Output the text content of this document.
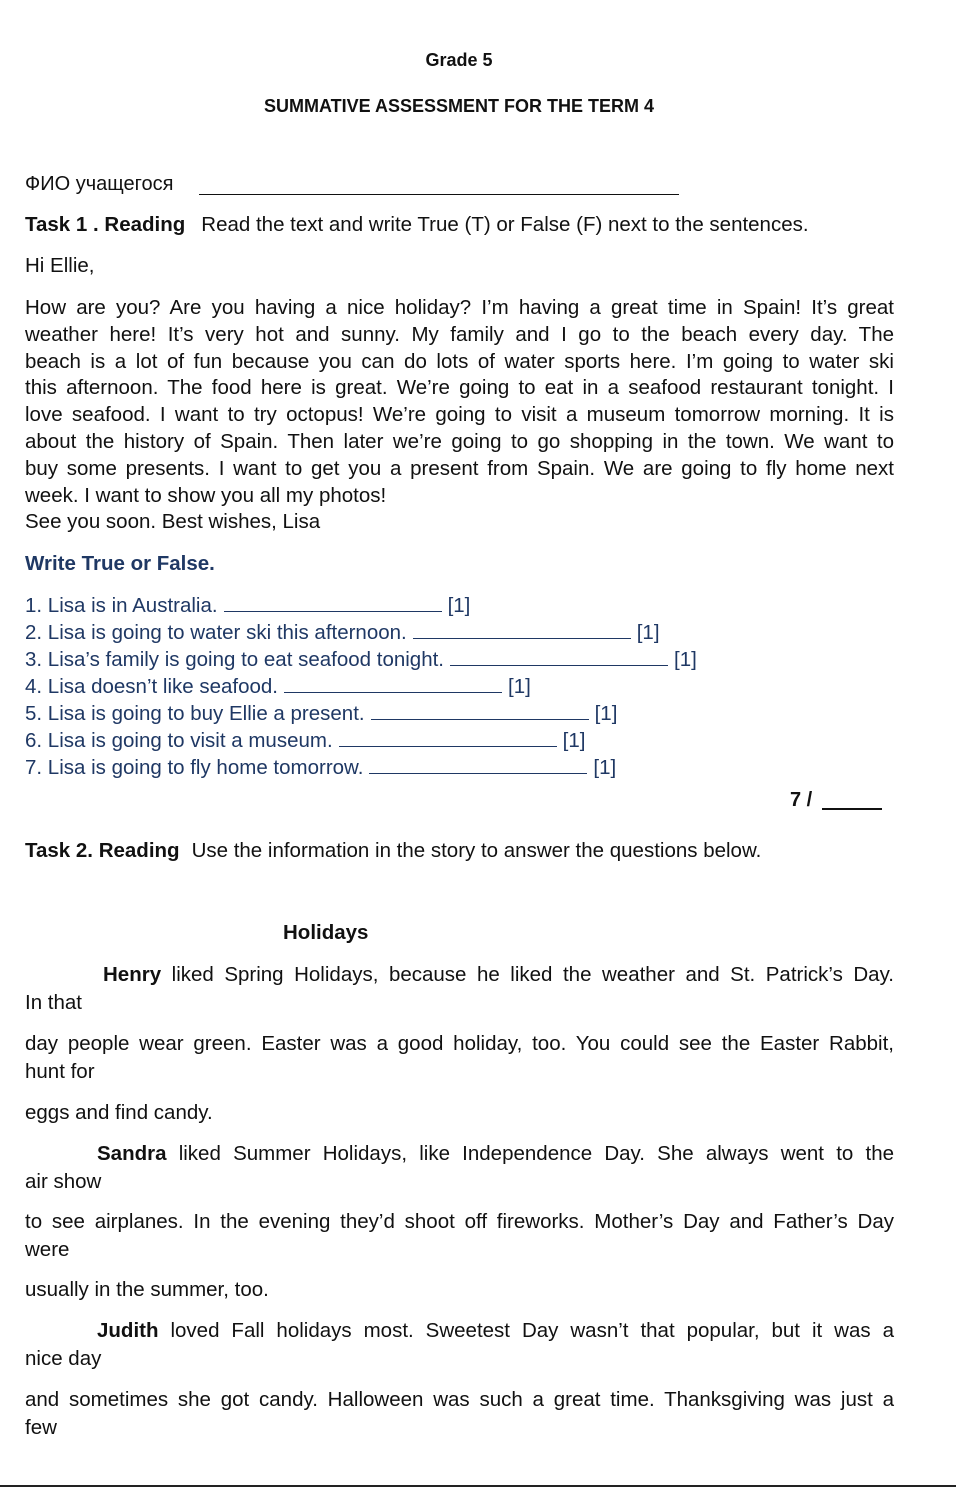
Grade 5
SUMMATIVE ASSESSMENT FOR THE TERM 4
ФИО учащегося
Task 1 . Reading Read the text and write True (T) or False (F) next to the sentences.
Hi Ellie,
How are you? Are you having a nice holiday? I’m having a great time in Spain! It’s great
weather here! It’s very hot and sunny. My family and I go to the beach every day. The
beach is a lot of fun because you can do lots of water sports here. I’m going to water ski
this afternoon. The food here is great. We’re going to eat in a seafood restaurant tonight. I
love seafood. I want to try octopus! We’re going to visit a museum tomorrow morning. It is
about the history of Spain. Then later we’re going to go shopping in the town. We want to
buy some presents. I want to get you a present from Spain. We are going to fly home next
week. I want to show you all my photos!
See you soon. Best wishes, Lisa
Write True or False.
1. Lisa is in Australia.	[1]
2. Lisa is going to water ski this afternoon.	[1]
3. Lisa’s family is going to eat seafood tonight.	[1]
4. Lisa doesn’t like seafood.	[1]
5. Lisa is going to buy Ellie a present.	[1]
6. Lisa is going to visit a museum.	[1]
7. Lisa is going to fly home tomorrow.	[1]
7 /
Task 2. Reading Use the information in the story to answer the questions below.
Holidays
Henry liked Spring Holidays, because he liked the weather and St. Patrick’s Day.
In that
day people wear green. Easter was a good holiday, too. You could see the Easter Rabbit,
hunt for
eggs and find candy.
Sandra liked Summer Holidays, like Independence Day. She always went to the
air show
to see airplanes. In the evening they’d shoot off fireworks. Mother’s Day and Father’s Day
were
usually in the summer, too.
Judith loved Fall holidays most. Sweetest Day wasn’t that popular, but it was a
nice day
and sometimes she got candy. Halloween was such a great time. Thanksgiving was just a
few
